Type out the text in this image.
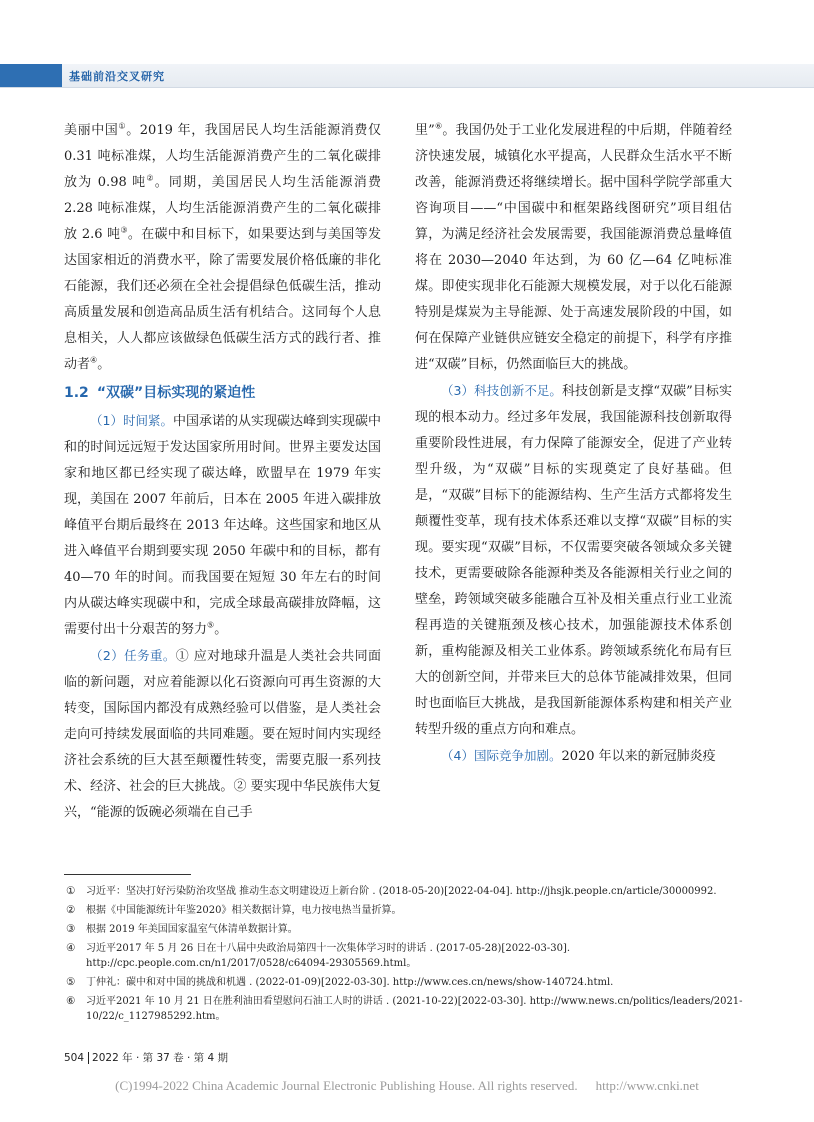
基础前沿交叉研究

美丽中国①。2019 年，我国居民人均生活能源消费仅 0.31 吨标准煤，人均生活能源消费产生的二氧化碳排放为 0.98 吨②。同期，美国居民人均生活能源消费 2.28 吨标准煤，人均生活能源消费产生的二氧化碳排放 2.6 吨③。在碳中和目标下，如果要达到与美国等发达国家相近的消费水平，除了需要发展价格低廉的非化石能源，我们还必须在全社会提倡绿色低碳生活，推动高质量发展和创造高品质生活有机结合。这同每个人息息相关，人人都应该做绿色低碳生活方式的践行者、推动者④。

1.2 “双碳”目标实现的紧迫性

（1）时间紧。中国承诺的从实现碳达峰到实现碳中和的时间远远短于发达国家所用时间。世界主要发达国家和地区都已经实现了碳达峰，欧盟早在 1979 年实现，美国在 2007 年前后，日本在 2005 年进入碳排放峰值平台期后最终在 2013 年达峰。这些国家和地区从进入峰值平台期到要实现 2050 年碳中和的目标，都有 40—70 年的时间。而我国要在短短 30 年左右的时间内从碳达峰实现碳中和，完成全球最高碳排放降幅，这需要付出十分艰苦的努力⑤。

（2）任务重。① 应对地球升温是人类社会共同面临的新问题，对应着能源以化石资源向可再生资源的大转变，国际国内都没有成熟经验可以借鉴，是人类社会走向可持续发展面临的共同难题。要在短时间内实现经济社会系统的巨大甚至颠覆性转变，需要克服一系列技术、经济、社会的巨大挑战。② 要实现中华民族伟大复兴，“能源的饭碗必须端在自己手

里”⑥。我国仍处于工业化发展进程的中后期，伴随着经济快速发展，城镇化水平提高，人民群众生活水平不断改善，能源消费还将继续增长。据中国科学院学部重大咨询项目——“中国碳中和框架路线图研究”项目组估算，为满足经济社会发展需要，我国能源消费总量峰值将在 2030—2040 年达到，为 60 亿—64 亿吨标准煤。即使实现非化石能源大规模发展，对于以化石能源特别是煤炭为主导能源、处于高速发展阶段的中国，如何在保障产业链供应链安全稳定的前提下，科学有序推进“双碳”目标，仍然面临巨大的挑战。

（3）科技创新不足。科技创新是支撑“双碳”目标实现的根本动力。经过多年发展，我国能源科技创新取得重要阶段性进展，有力保障了能源安全，促进了产业转型升级，为“双碳”目标的实现奠定了良好基础。但是，“双碳”目标下的能源结构、生产生活方式都将发生颠覆性变革，现有技术体系还难以支撑“双碳”目标的实现。要实现“双碳”目标，不仅需要突破各领域众多关键技术，更需要破除各能源种类及各能源相关行业之间的壁垒，跨领域突破多能融合互补及相关重点行业工业流程再造的关键瓶颈及核心技术，加强能源技术体系创新，重构能源及相关工业体系。跨领域系统化布局有巨大的创新空间，并带来巨大的总体节能减排效果，但同时也面临巨大挑战，是我国新能源体系构建和相关产业转型升级的重点方向和难点。

（4）国际竞争加剧。2020 年以来的新冠肺炎疫

① 习近平：坚决打好污染防治攻坚战 推动生态文明建设迈上新台阶 . (2018-05-20)[2022-04-04]. http://jhsjk.people.cn/article/30000992.
② 根据《中国能源统计年鉴2020》相关数据计算，电力按电热当量折算。
③ 根据 2019 年美国国家温室气体清单数据计算。
④ 习近平2017 年 5 月 26 日在十八届中央政治局第四十一次集体学习时的讲话 . (2017-05-28)[2022-03-30]. http://cpc.people.com.cn/n1/2017/0528/c64094-29305569.html。
⑤ 丁仲礼：碳中和对中国的挑战和机遇 . (2022-01-09)[2022-03-30]. http://www.ces.cn/news/show-140724.html.
⑥ 习近平2021 年 10 月 21 日在胜利油田看望慰问石油工人时的讲话 . (2021-10-22)[2022-03-30]. http://www.news.cn/politics/leaders/2021-10/22/c_1127985292.htm。
504 2022 年 · 第 37 卷 · 第 4 期
(C)1994-2022 China Academic Journal Electronic Publishing House. All rights reserved. http://www.cnki.net
